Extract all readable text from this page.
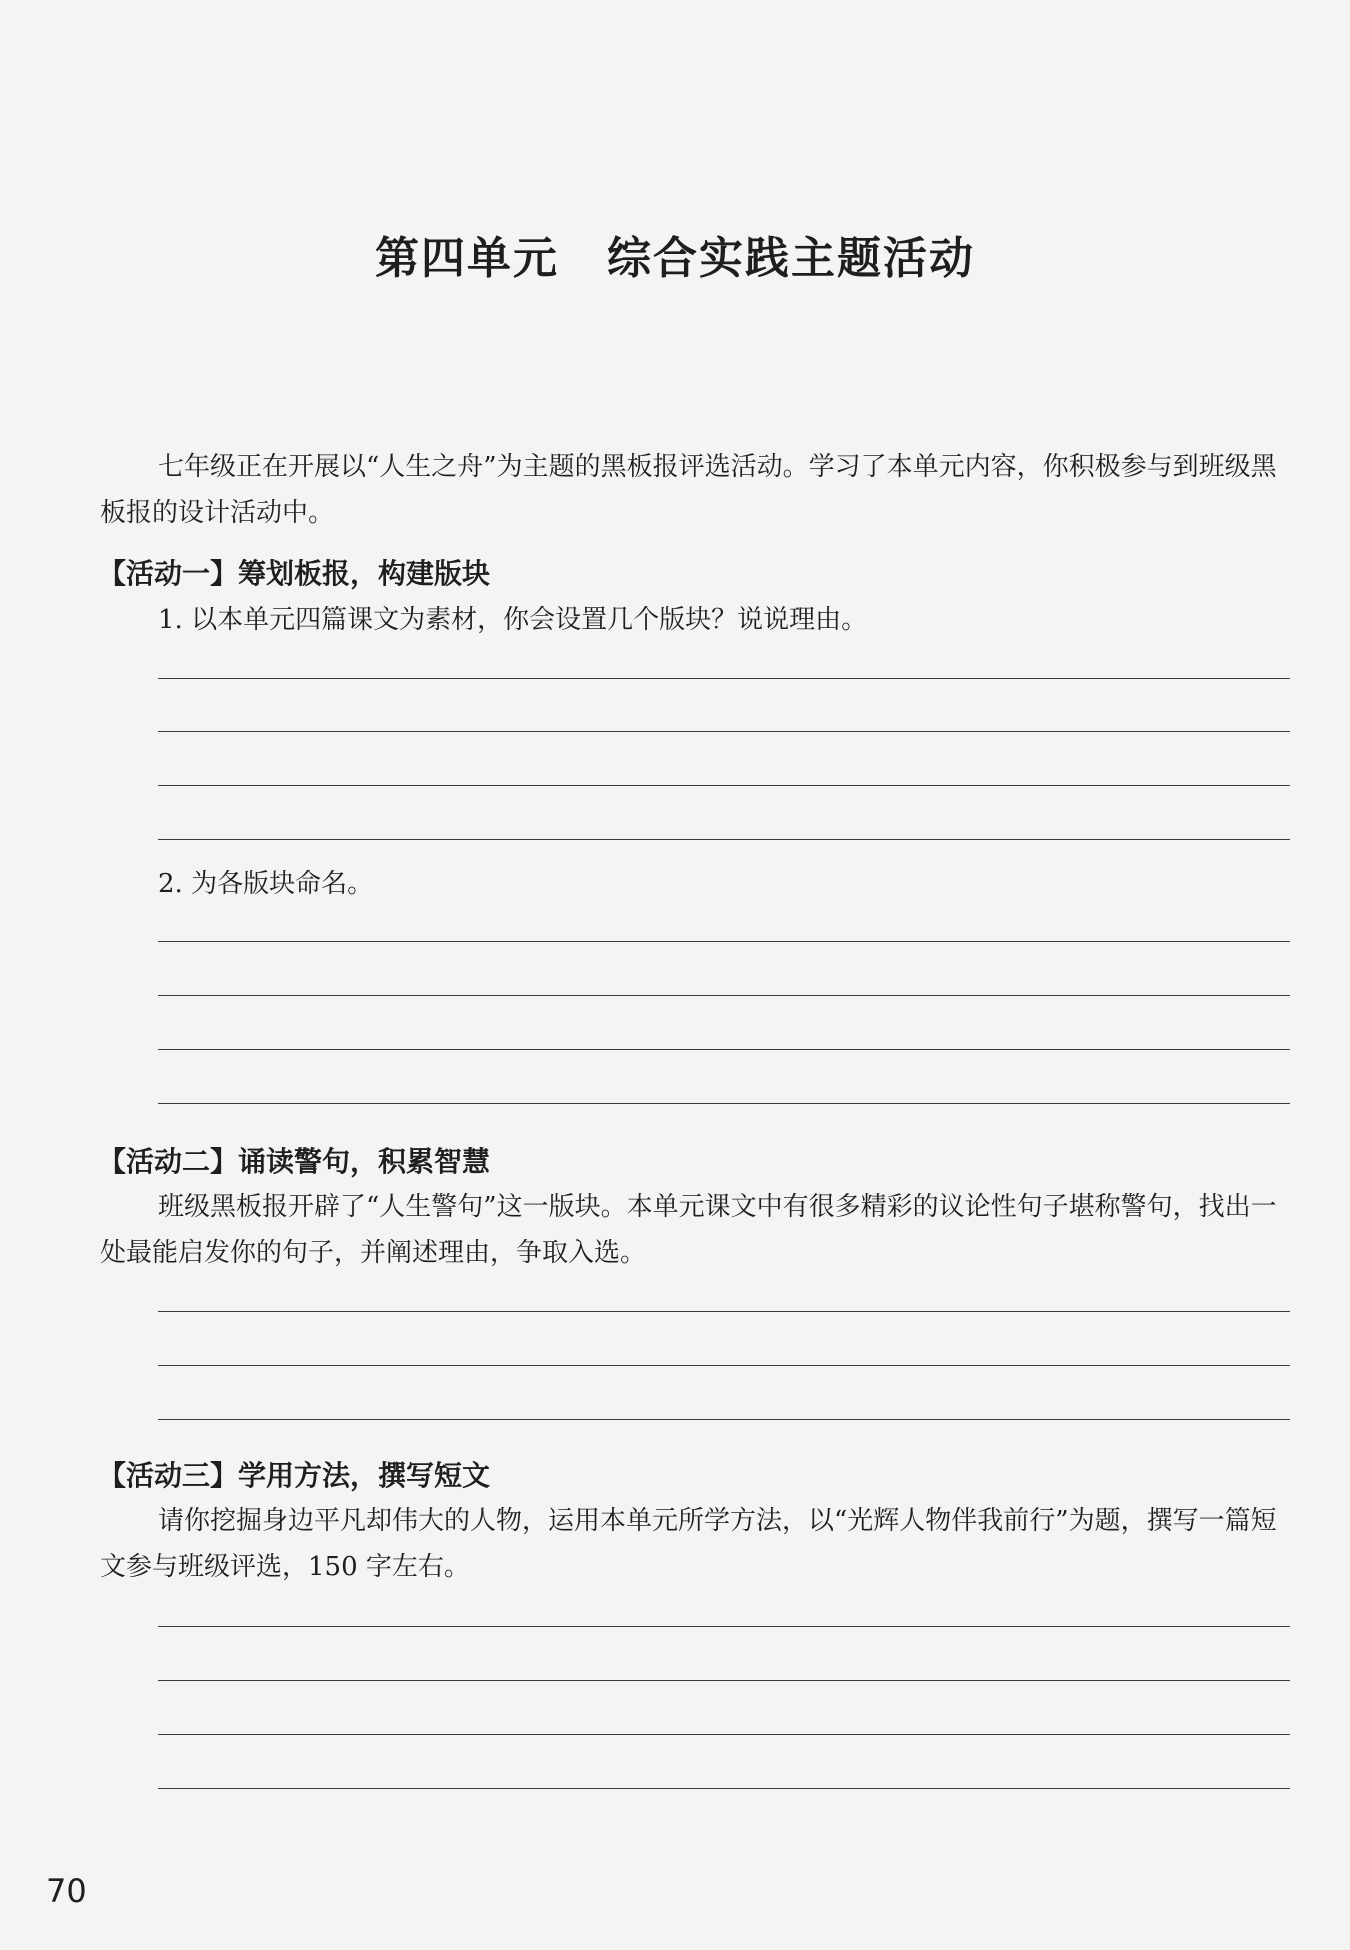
第四单元 综合实践主题活动

七年级正在开展以“人生之舟”为主题的黑板报评选活动。学习了本单元内容，你积极参与到班级黑板报的设计活动中。

【活动一】筹划板报，构建版块
1. 以本单元四篇课文为素材，你会设置几个版块？说说理由。
2. 为各版块命名。
【活动二】诵读警句，积累智慧

班级黑板报开辟了“人生警句”这一版块。本单元课文中有很多精彩的议论性句子堪称警句，找出一处最能启发你的句子，并阐述理由，争取入选。

【活动三】学用方法，撰写短文

请你挖掘身边平凡却伟大的人物，运用本单元所学方法，以“光辉人物伴我前行”为题，撰写一篇短文参与班级评选，150 字左右。

70
